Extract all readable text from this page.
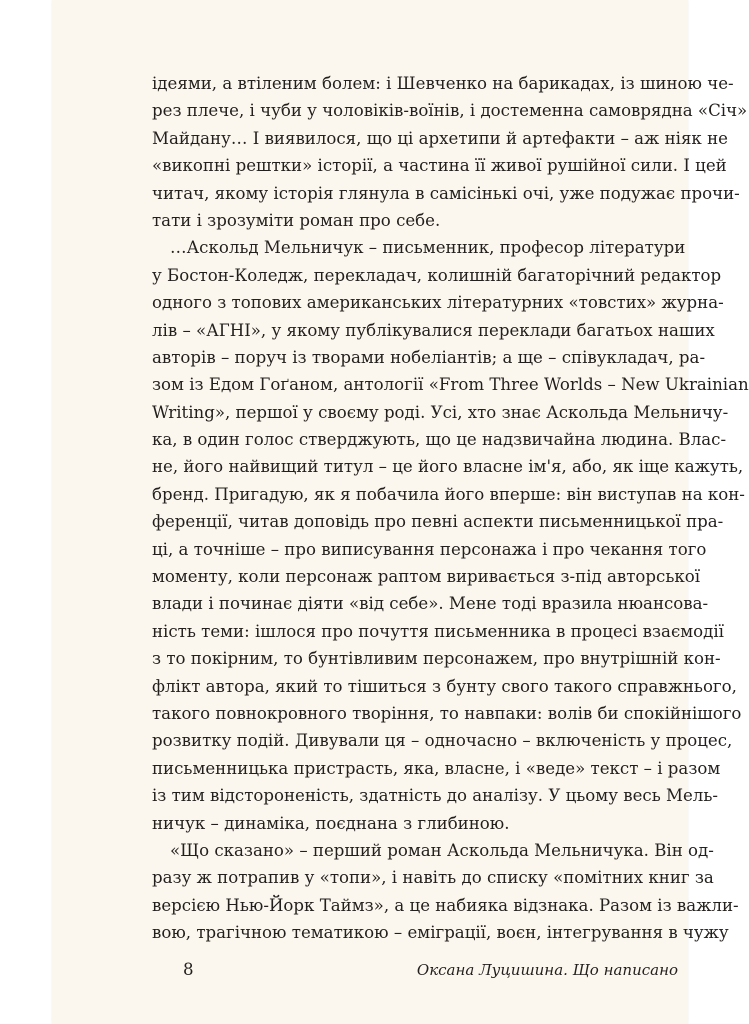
ідеями, а втіленим болем: і Шевченко на барикадах, із шиною че-
рез плече, і чуби у чоловіків-воїнів, і достеменна самоврядна «Січ»
Майдану… І виявилося, що ці архетипи й артефакти – аж ніяк не
«викопні рештки» історії, а частина її живої рушійної сили. І цей
читач, якому історія глянула в самісінькі очі, уже подужає прочи-
тати і зрозуміти роман про себе.
…Аскольд Мельничук – письменник, професор літератури
у Бостон-Коледж, перекладач, колишній багаторічний редактор
одного з топових американських літературних «товстих» журна-
лів – «АГНІ», у якому публікувалися переклади багатьох наших
авторів – поруч із творами нобеліантів; а ще – співукладач, ра-
зом із Едом Гоґаном, антології «From Three Worlds – New Ukrainian
Writing», першої у своєму роді. Усі, хто знає Аскольда Мельничу-
ка, в один голос стверджують, що це надзвичайна людина. Влас-
не, його найвищий титул – це його власне ім'я, або, як іще кажуть,
бренд. Пригадую, як я побачила його вперше: він виступав на кон-
ференції, читав доповідь про певні аспекти письменницької пра-
ці, а точніше – про виписування персонажа і про чекання того
моменту, коли персонаж раптом виривається з-під авторської
влади і починає діяти «від себе». Мене тоді вразила нюансова-
ність теми: ішлося про почуття письменника в процесі взаємодії
з то покірним, то бунтівливим персонажем, про внутрішній кон-
флікт автора, який то тішиться з бунту свого такого справжнього,
такого повнокровного творіння, то навпаки: волів би спокійнішого
розвитку подій. Дивували ця – одночасно – включеність у процес,
письменницька пристрасть, яка, власне, і «веде» текст – і разом
із тим відстороненість, здатність до аналізу. У цьому весь Мель-
ничук – динаміка, поєднана з глибиною.
«Що сказано» – перший роман Аскольда Мельничука. Він од-
разу ж потрапив у «топи», і навіть до списку «помітних книг за
версією Нью-Йорк Таймз», а це набияка відзнака. Разом із важли-
вою, трагічною тематикою – еміграції, воєн, інтегрування в чужу
8	Оксана Луцишина. Що написано
